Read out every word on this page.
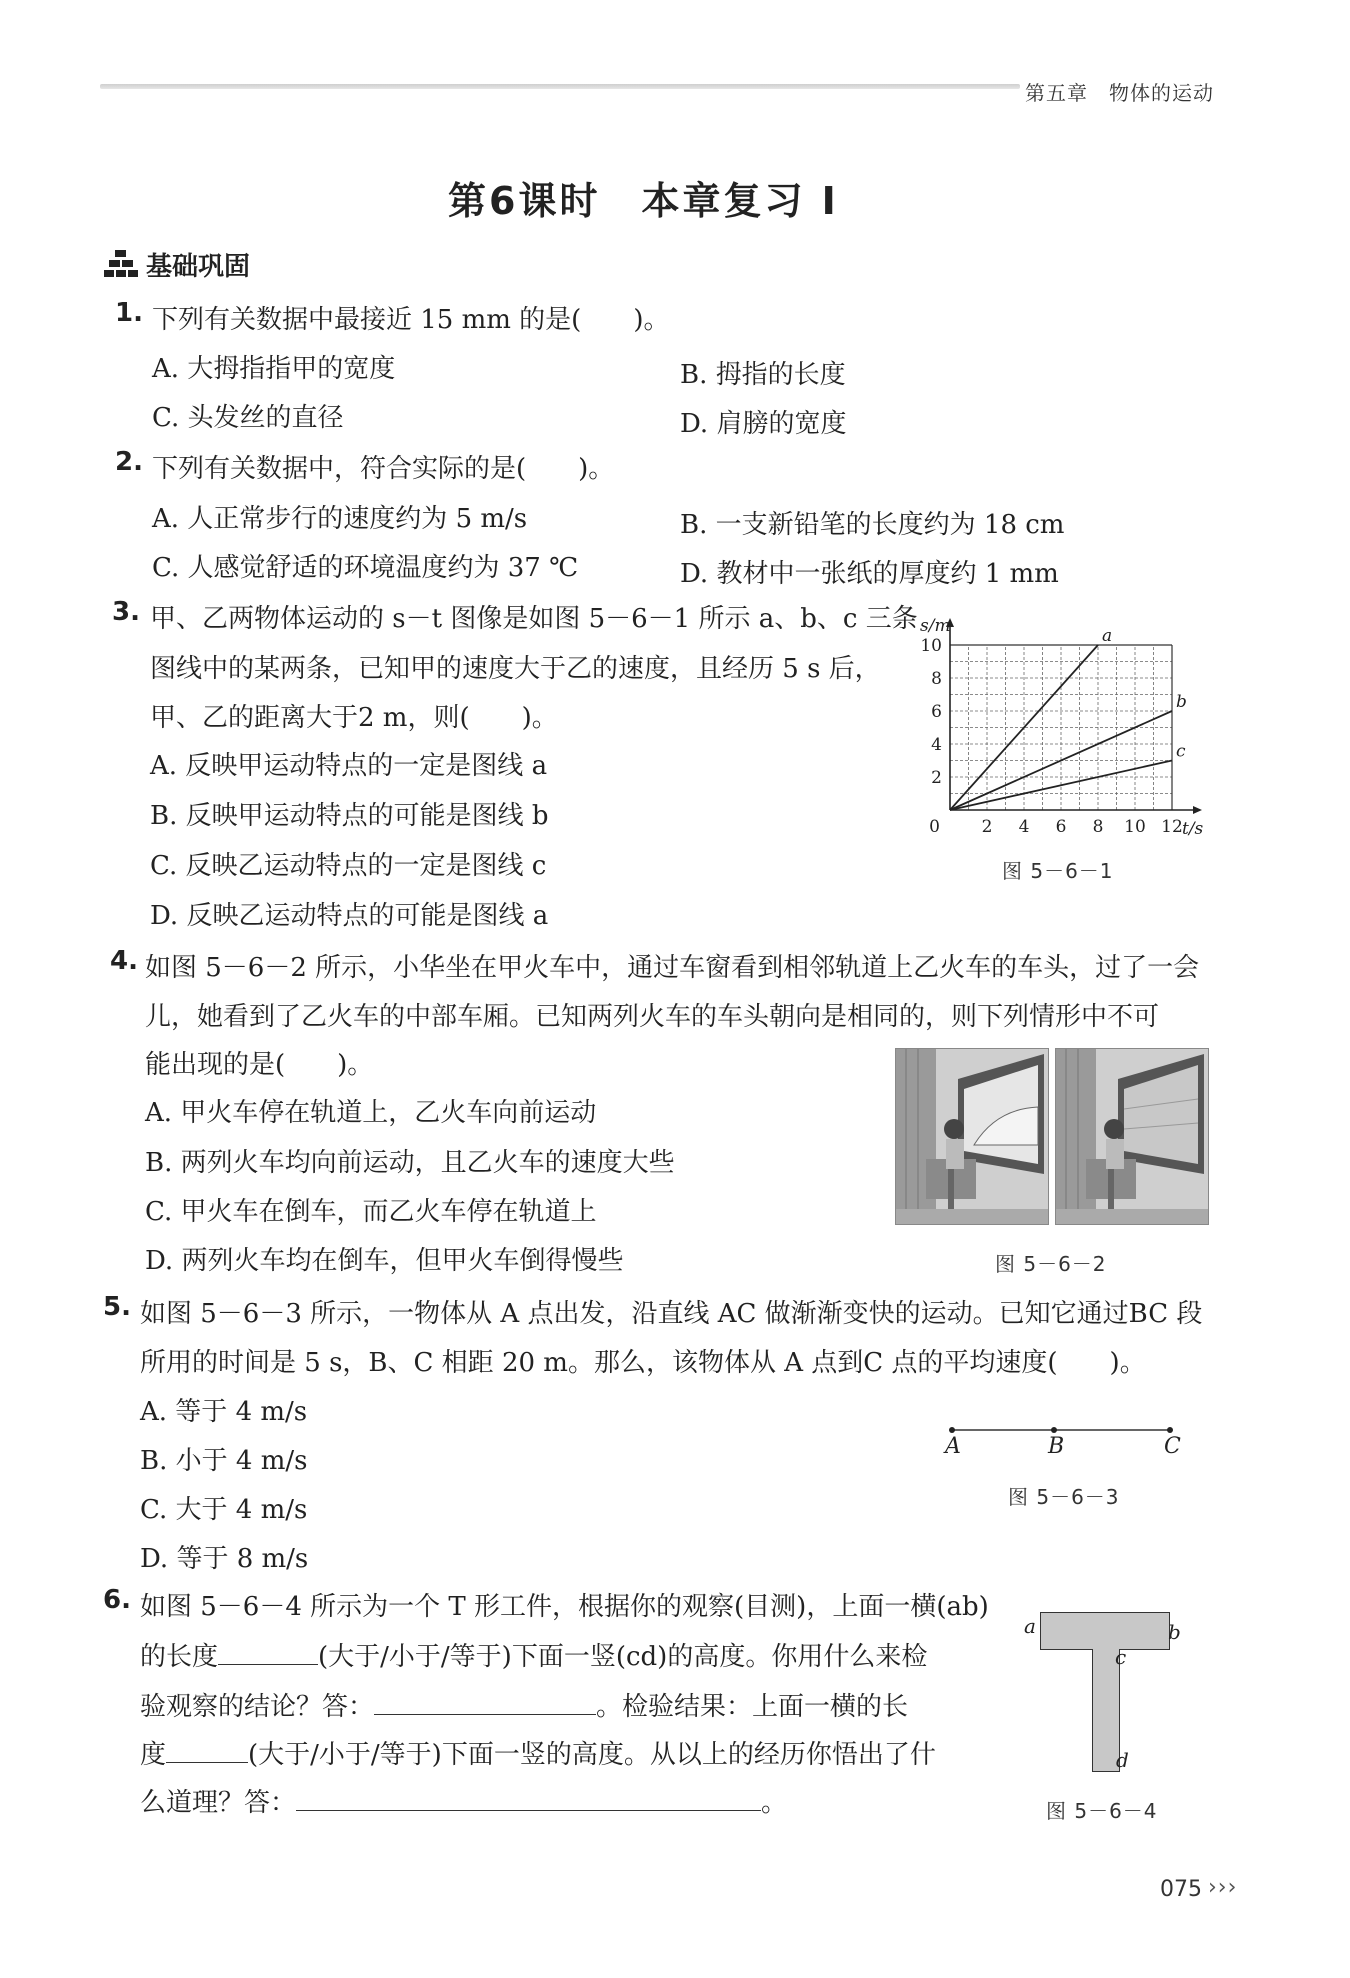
第五章　物体的运动
第6课时　本章复习 Ⅰ
基础巩固
1. 下列有关数据中最接近 15 mm 的是(　　)。
A. 大拇指指甲的宽度	B. 拇指的长度
C. 头发丝的直径	D. 肩膀的宽度
2. 下列有关数据中，符合实际的是(　　)。
A. 人正常步行的速度约为 5 m/s	B. 一支新铅笔的长度约为 18 cm
C. 人感觉舒适的环境温度约为 37 ℃	D. 教材中一张纸的厚度约 1 mm
3. 甲、乙两物体运动的 s－t 图像是如图 5－6－1 所示 a、b、c 三条
图线中的某两条，已知甲的速度大于乙的速度，且经历 5 s 后，
甲、乙的距离大于2 m，则(　　)。
A. 反映甲运动特点的一定是图线 a
B. 反映甲运动特点的可能是图线 b
C. 反映乙运动特点的一定是图线 c
D. 反映乙运动特点的可能是图线 a
a
b
c
2 4 6 8 10 12
2
4
6
8
10
0
s/m
t/s
图 5－6－1
4. 如图 5－6－2 所示，小华坐在甲火车中，通过车窗看到相邻轨道上乙火车的车头，过了一会
儿，她看到了乙火车的中部车厢。已知两列火车的车头朝向是相同的，则下列情形中不可
能出现的是(　　)。
A. 甲火车停在轨道上，乙火车向前运动
B. 两列火车均向前运动，且乙火车的速度大些
C. 甲火车在倒车，而乙火车停在轨道上
D. 两列火车均在倒车，但甲火车倒得慢些	图 5－6－2
5. 如图 5－6－3 所示，一物体从 A 点出发，沿直线 AC 做渐渐变快的运动。已知它通过BC 段
所用的时间是 5 s，B、C 相距 20 m。那么，该物体从 A 点到C 点的平均速度(　　)。
A. 等于 4 m/s
B. 小于 4 m/s
C. 大于 4 m/s
D. 等于 8 m/s
A	B	C
图 5－6－3
6. 如图 5－6－4 所示为一个 T 形工件，根据你的观察(目测)，上面一横(ab)
的长度	(大于/小于/等于)下面一竖(cd)的高度。你用什么来检
验观察的结论？答：	。检验结果：上面一横的长
度	(大于/小于/等于)下面一竖的高度。从以上的经历你悟出了什
么道理？答：	。
a	b
c
d
图 5－6－4
075 ›››
